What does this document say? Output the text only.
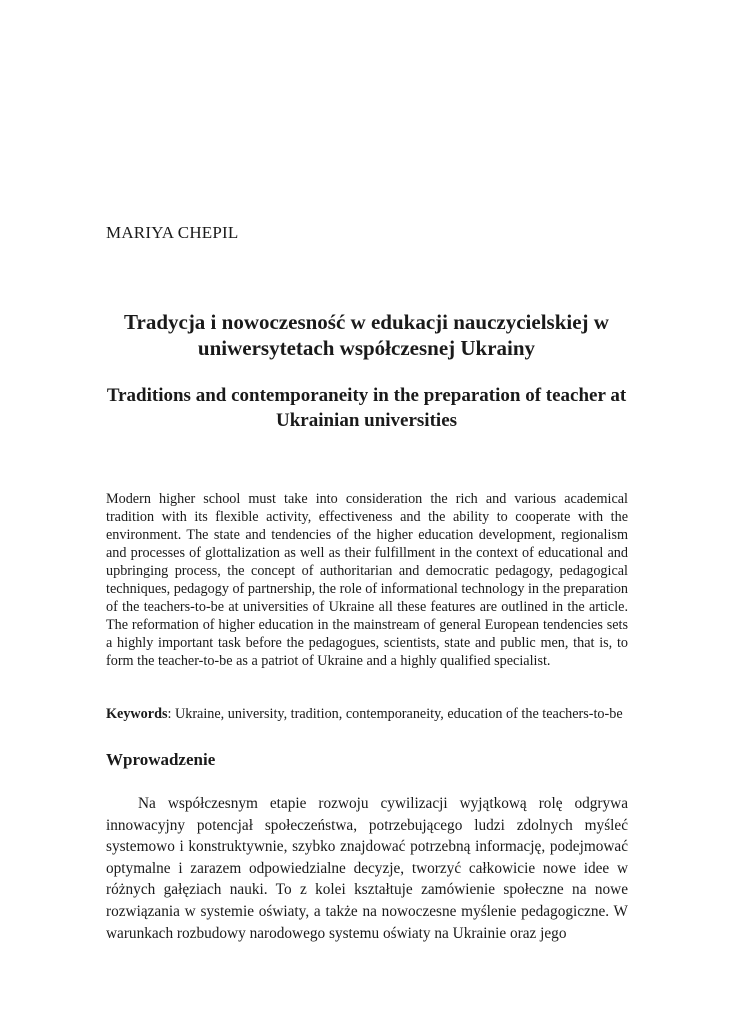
MARIYA CHEPIL
Tradycja i nowoczesność w edukacji nauczycielskiej w uniwersytetach współczesnej Ukrainy
Traditions and contemporaneity in the preparation of teacher at Ukrainian universities

Modern higher school must take into consideration the rich and various academical tradition with its flexible activity, effectiveness and the ability to cooperate with the environment. The state and tendencies of the higher education development, regionalism and processes of glottalization as well as their fulfillment in the context of educational and upbringing process, the concept of authoritarian and democratic pedagogy, pedagogical techniques, pedagogy of partnership, the role of informational technology in the preparation of the teachers-to-be at universities of Ukraine all these features are outlined in the article. The reformation of higher education in the mainstream of general European tendencies sets a highly important task before the pedagogues, scientists, state and public men, that is, to form the teacher-to-be as a patriot of Ukraine and a highly qualified specialist.

Keywords: Ukraine, university, tradition, contemporaneity, education of the teachers-to-be

Wprowadzenie

Na współczesnym etapie rozwoju cywilizacji wyjątkową rolę odgrywa innowacyjny potencjał społeczeństwa, potrzebującego ludzi zdolnych myśleć systemowo i konstruktywnie, szybko znajdować potrzebną informację, podejmować optymalne i zarazem odpowiedzialne decyzje, tworzyć całkowicie nowe idee w różnych gałęziach nauki. To z kolei kształtuje zamówienie społeczne na nowe rozwiązania w systemie oświaty, a także na nowoczesne myślenie pedagogiczne. W warunkach rozbudowy narodowego systemu oświaty na Ukrainie oraz jego
